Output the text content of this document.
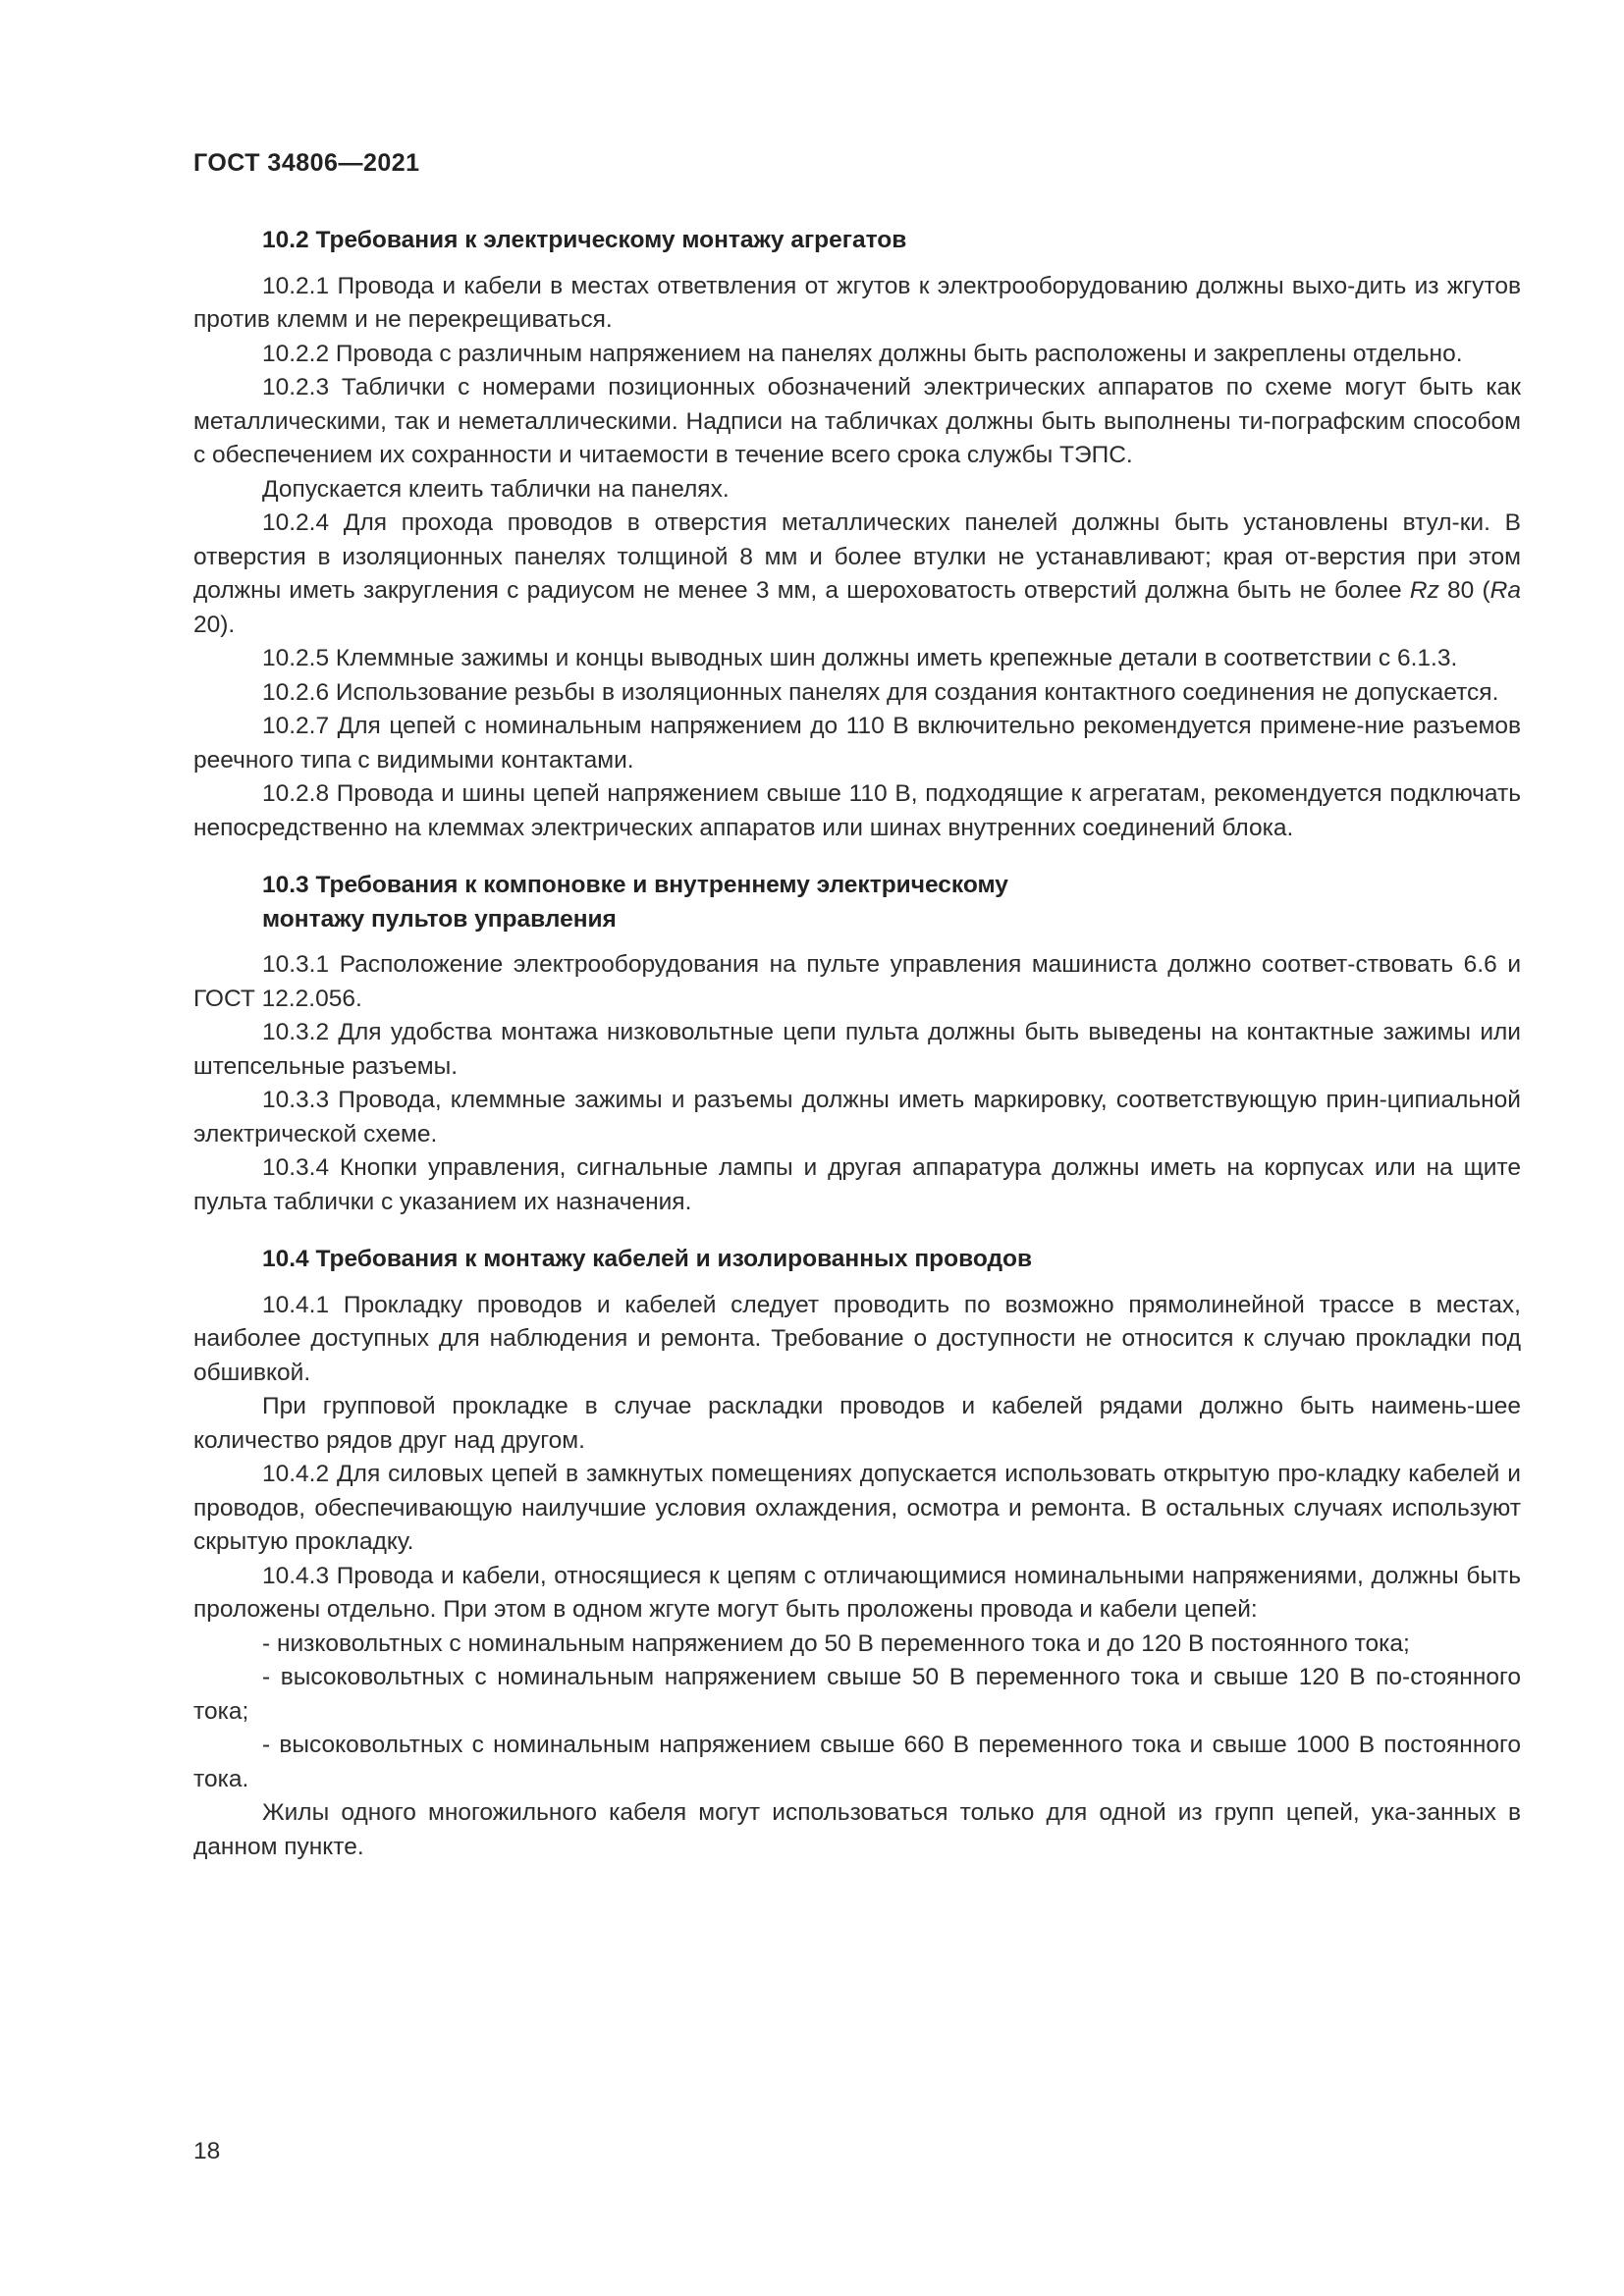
ГОСТ 34806—2021
10.2 Требования к электрическому монтажу агрегатов

10.2.1 Провода и кабели в местах ответвления от жгутов к электрооборудованию должны выхо-дить из жгутов против клемм и не перекрещиваться.

10.2.2 Провода с различным напряжением на панелях должны быть расположены и закреплены отдельно.

10.2.3 Таблички с номерами позиционных обозначений электрических аппаратов по схеме могут быть как металлическими, так и неметаллическими. Надписи на табличках должны быть выполнены ти-пографским способом с обеспечением их сохранности и читаемости в течение всего срока службы ТЭПС.

Допускается клеить таблички на панелях.

10.2.4 Для прохода проводов в отверстия металлических панелей должны быть установлены втул-ки. В отверстия в изоляционных панелях толщиной 8 мм и более втулки не устанавливают; края от-верстия при этом должны иметь закругления с радиусом не менее 3 мм, а шероховатость отверстий должна быть не более Rz 80 (Ra 20).

10.2.5 Клеммные зажимы и концы выводных шин должны иметь крепежные детали в соответствии с 6.1.3.

10.2.6 Использование резьбы в изоляционных панелях для создания контактного соединения не допускается.

10.2.7 Для цепей с номинальным напряжением до 110 В включительно рекомендуется примене-ние разъемов реечного типа с видимыми контактами.

10.2.8 Провода и шины цепей напряжением свыше 110 В, подходящие к агрегатам, рекомендуется подключать непосредственно на клеммах электрических аппаратов или шинах внутренних соединений блока.

10.3 Требования к компоновке и внутреннему электрическому монтажу пультов управления

10.3.1 Расположение электрооборудования на пульте управления машиниста должно соответ-ствовать 6.6 и ГОСТ 12.2.056.

10.3.2 Для удобства монтажа низковольтные цепи пульта должны быть выведены на контактные зажимы или штепсельные разъемы.

10.3.3 Провода, клеммные зажимы и разъемы должны иметь маркировку, соответствующую прин-ципиальной электрической схеме.

10.3.4 Кнопки управления, сигнальные лампы и другая аппаратура должны иметь на корпусах или на щите пульта таблички с указанием их назначения.

10.4 Требования к монтажу кабелей и изолированных проводов

10.4.1 Прокладку проводов и кабелей следует проводить по возможно прямолинейной трассе в местах, наиболее доступных для наблюдения и ремонта. Требование о доступности не относится к случаю прокладки под обшивкой.

При групповой прокладке в случае раскладки проводов и кабелей рядами должно быть наимень-шее количество рядов друг над другом.

10.4.2 Для силовых цепей в замкнутых помещениях допускается использовать открытую про-кладку кабелей и проводов, обеспечивающую наилучшие условия охлаждения, осмотра и ремонта. В остальных случаях используют скрытую прокладку.

10.4.3 Провода и кабели, относящиеся к цепям с отличающимися номинальными напряжениями, должны быть проложены отдельно. При этом в одном жгуте могут быть проложены провода и кабели цепей:

- низковольтных с номинальным напряжением до 50 В переменного тока и до 120 В постоянного тока;

- высоковольтных с номинальным напряжением свыше 50 В переменного тока и свыше 120 В по-стоянного тока;

- высоковольтных с номинальным напряжением свыше 660 В переменного тока и свыше 1000 В постоянного тока.

Жилы одного многожильного кабеля могут использоваться только для одной из групп цепей, ука-занных в данном пункте.

18
